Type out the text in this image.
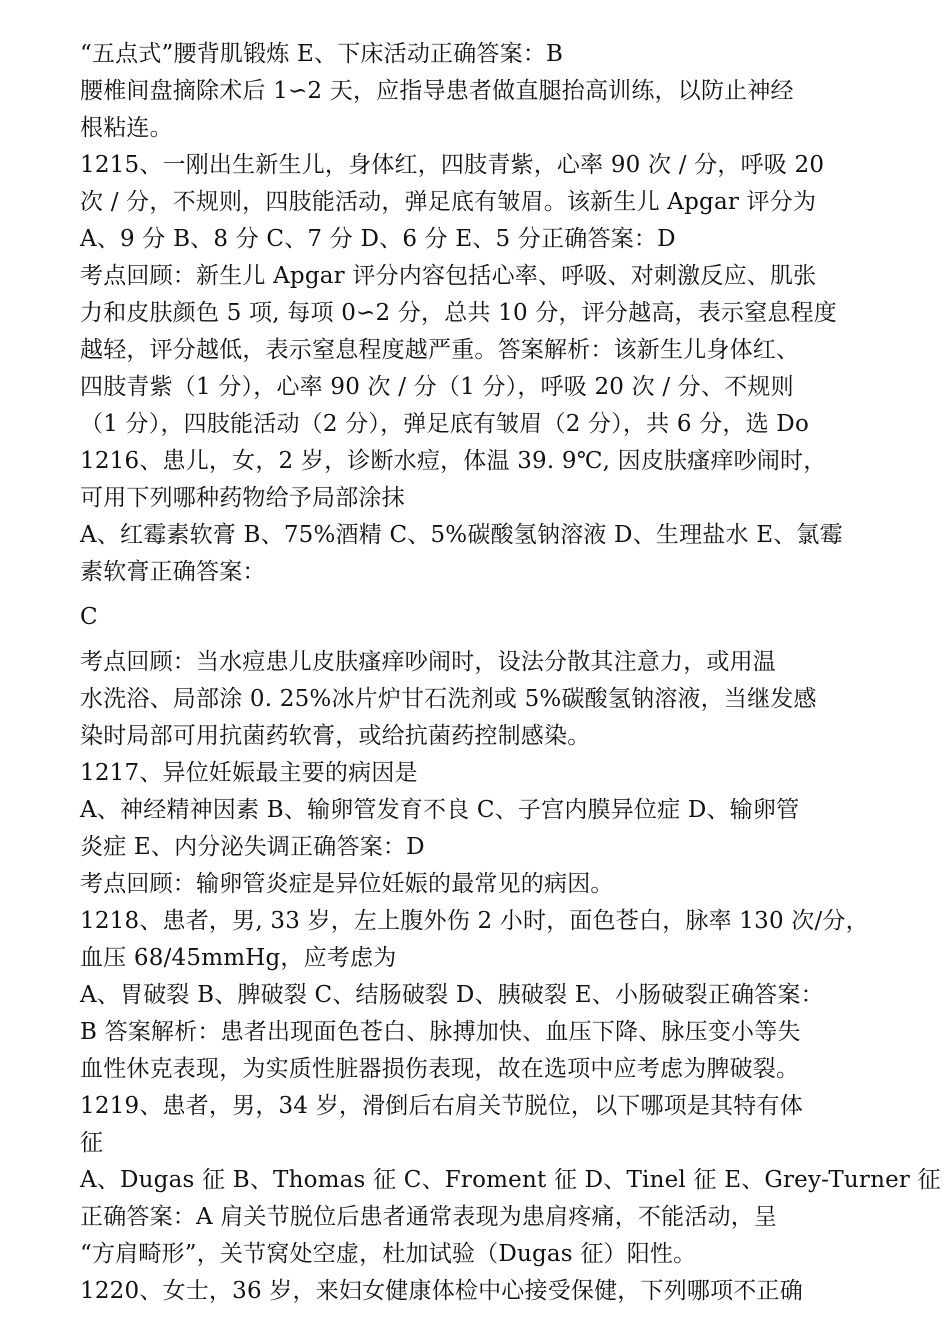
“五点式”腰背肌锻炼 E、下床活动正确答案：B
腰椎间盘摘除术后 1∽2 天，应指导患者做直腿抬高训练，以防止神经
根粘连。
1215、一刚出生新生儿，身体红，四肢青紫，心率 90 次 / 分，呼吸 20
次 / 分，不规则，四肢能活动，弹足底有皱眉。该新生儿 Apgar 评分为
A、9 分 B、8 分 C、7 分 D、6 分 E、5 分正确答案：D
考点回顾：新生儿 Apgar 评分内容包括心率、呼吸、对刺激反应、肌张
力和皮肤颜色 5 项, 每项 0∽2 分，总共 10 分，评分越高，表示窒息程度
越轻，评分越低，表示窒息程度越严重。答案解析：该新生儿身体红、
四肢青紫（1 分），心率 90 次 / 分（1 分），呼吸 20 次 / 分、不规则
（1 分），四肢能活动（2 分），弹足底有皱眉（2 分），共 6 分，选 Do
1216、患儿，女，2 岁，诊断水痘，体温 39. 9℃, 因皮肤瘙痒吵闹时，
可用下列哪种药物给予局部涂抹
A、红霉素软膏 B、75%酒精 C、5%碳酸氢钠溶液 D、生理盐水 E、氯霉
素软膏正确答案：
C
考点回顾：当水痘患儿皮肤瘙痒吵闹时，设法分散其注意力，或用温
水洗浴、局部涂 0. 25%冰片炉甘石洗剂或 5%碳酸氢钠溶液，当继发感
染时局部可用抗菌药软膏，或给抗菌药控制感染。
1217、异位妊娠最主要的病因是
A、神经精神因素 B、输卵管发育不良 C、子宫内膜异位症 D、输卵管
炎症 E、内分泌失调正确答案：D
考点回顾：输卵管炎症是异位妊娠的最常见的病因。
1218、患者，男, 33 岁，左上腹外伤 2 小时，面色苍白，脉率 130 次/分，
血压 68/45mmHg，应考虑为
A、胃破裂 B、脾破裂 C、结肠破裂 D、胰破裂 E、小肠破裂正确答案：
B 答案解析：患者出现面色苍白、脉搏加快、血压下降、脉压变小等失
血性休克表现，为实质性脏器损伤表现，故在选项中应考虑为脾破裂。
1219、患者，男，34 岁，滑倒后右肩关节脱位，以下哪项是其特有体
征
A、Dugas 征 B、Thomas 征 C、Froment 征 D、Tinel 征 E、Grey-Turner 征
正确答案：A 肩关节脱位后患者通常表现为患肩疼痛，不能活动，呈
“方肩畸形”，关节窝处空虚，杜加试验（Dugas 征）阳性。
1220、女士，36 岁，来妇女健康体检中心接受保健，下列哪项不正确
